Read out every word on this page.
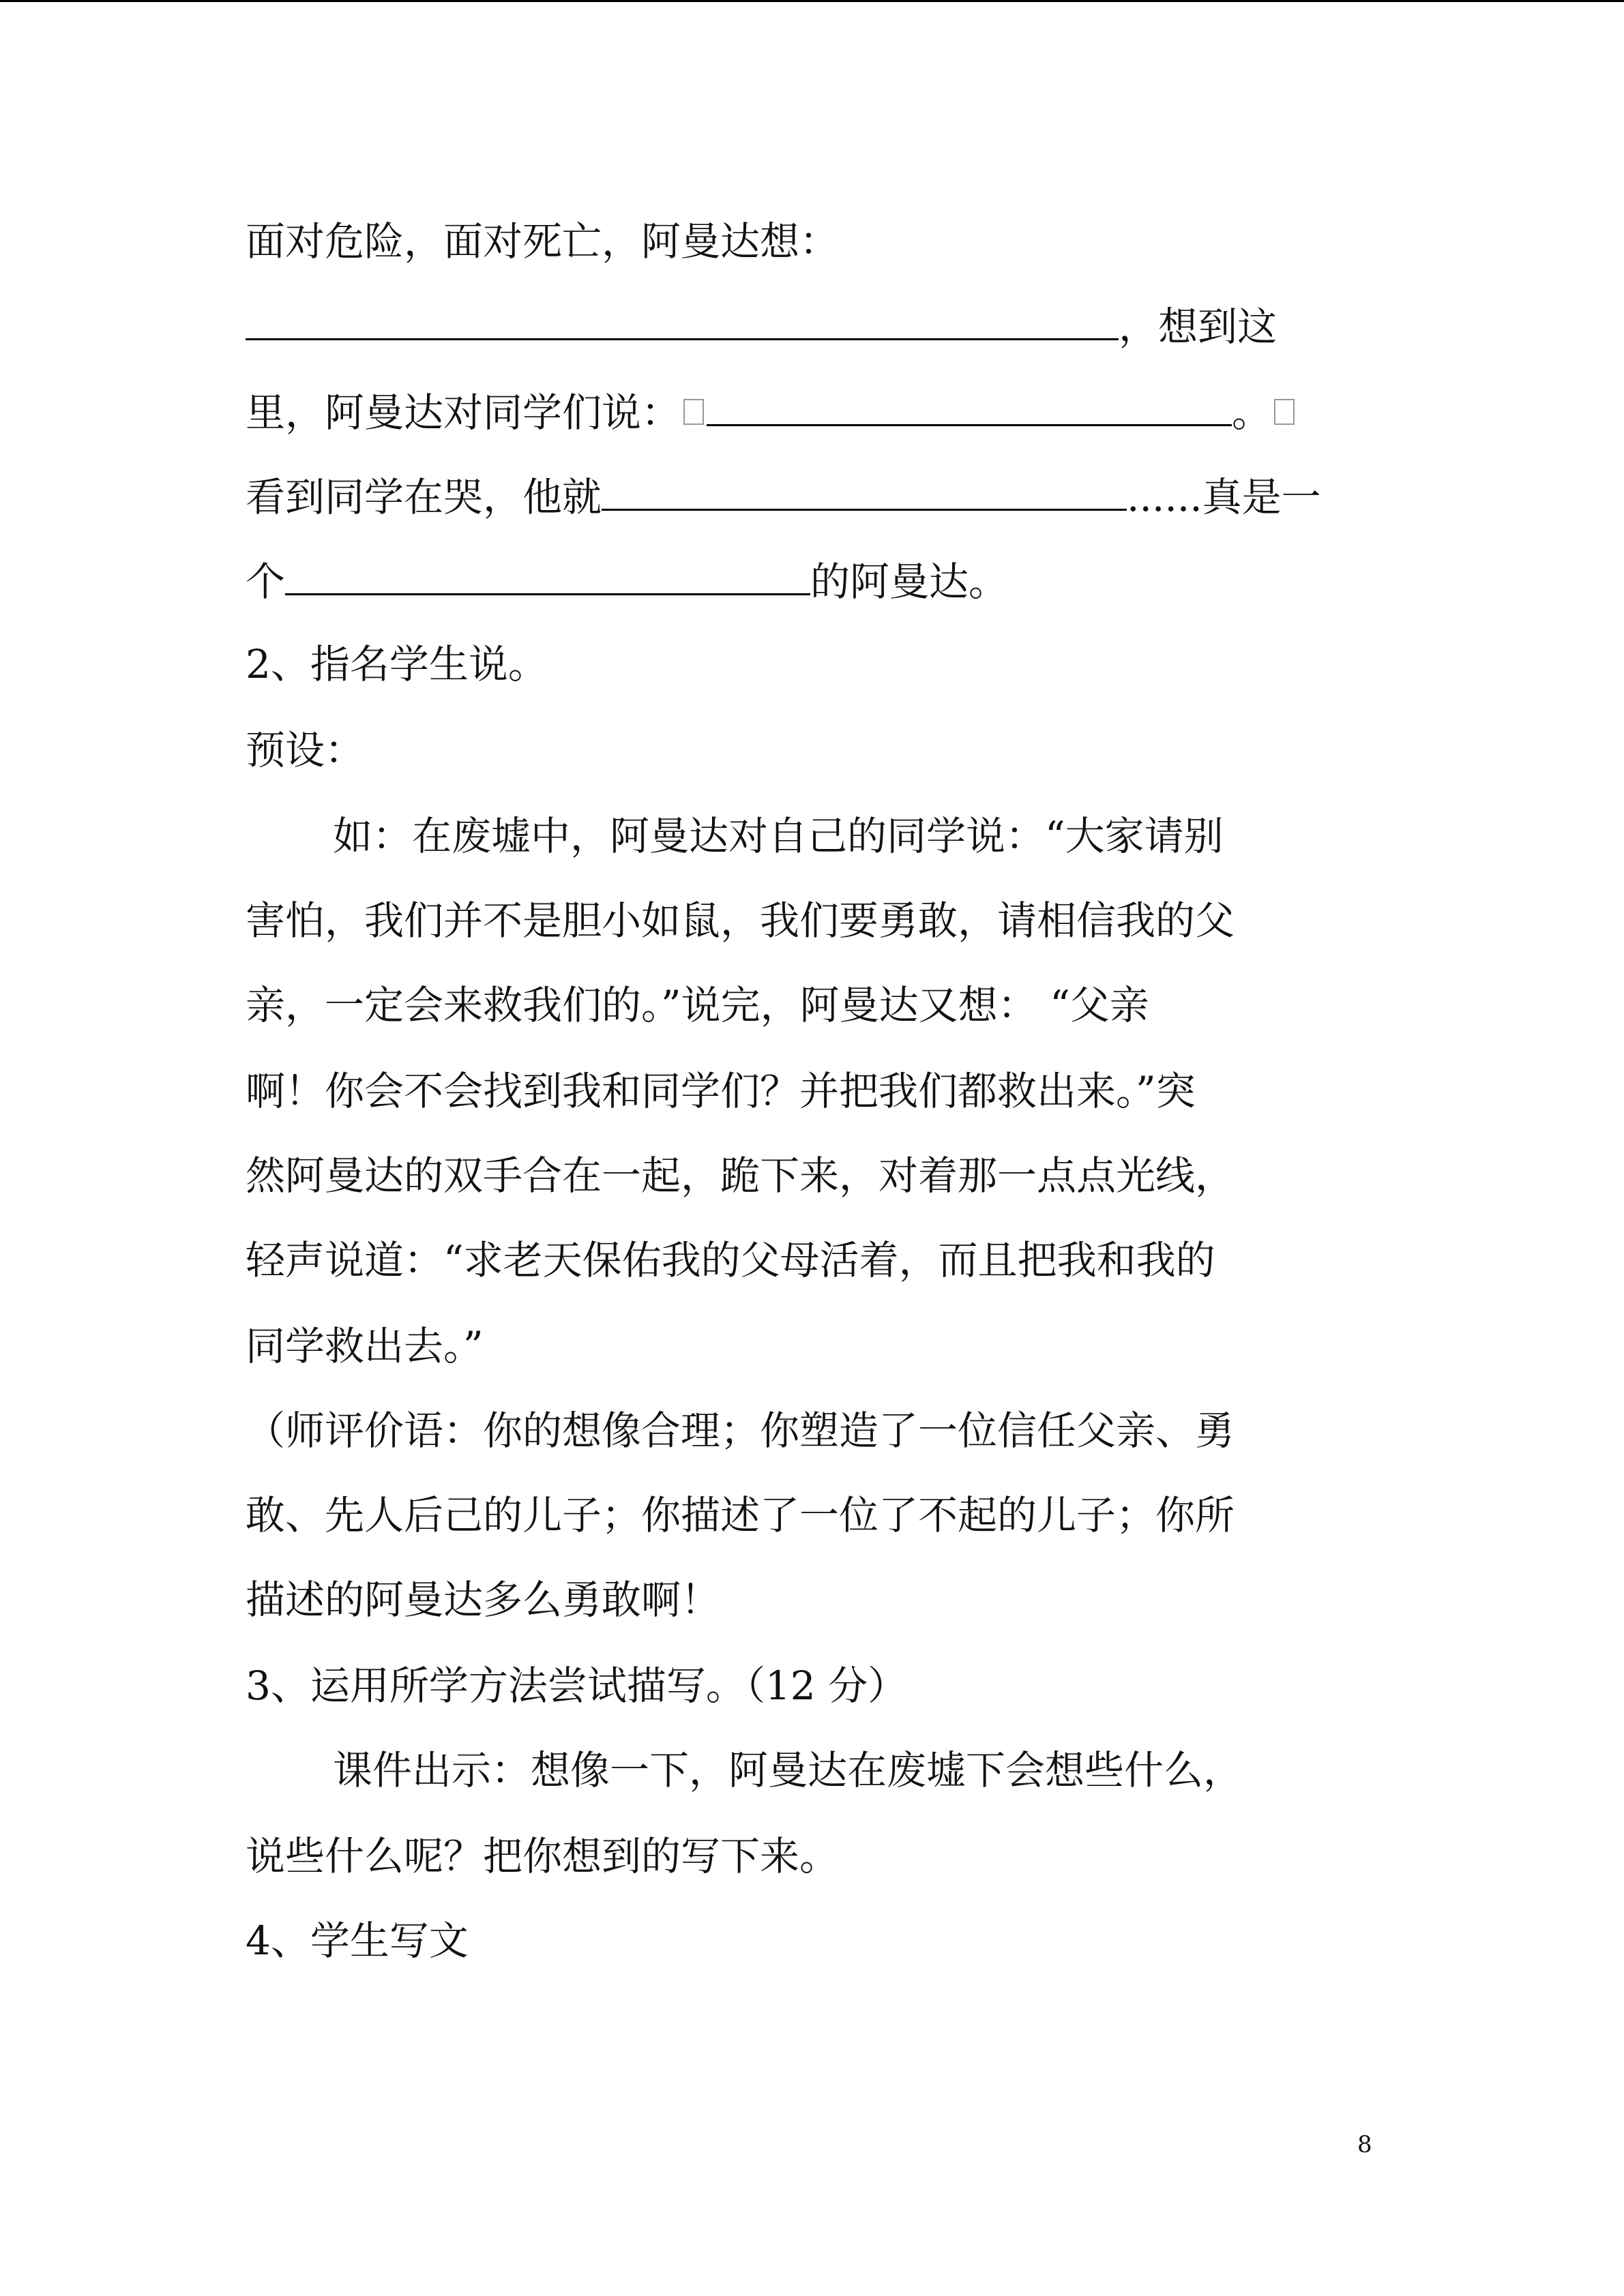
面对危险，面对死亡，阿曼达想：
，想到这
里，阿曼达对同学们说：	。
看到同学在哭，他就	......真是一
个	的阿曼达。
2、指名学生说。
预设：
如：在废墟中，阿曼达对自己的同学说：“大家请别
害怕，我们并不是胆小如鼠，我们要勇敢，请相信我的父
亲，一定会来救我们的。”说完，阿曼达又想： “父亲
啊！你会不会找到我和同学们？并把我们都救出来。”突
然阿曼达的双手合在一起，跪下来，对着那一点点光线，
轻声说道：“求老天保佑我的父母活着，而且把我和我的
同学救出去。”
（师评价语：你的想像合理；你塑造了一位信任父亲、勇
敢、先人后己的儿子；你描述了一位了不起的儿子；你所
描述的阿曼达多么勇敢啊！
3、运用所学方法尝试描写。（12 分）
课件出示：想像一下，阿曼达在废墟下会想些什么，
说些什么呢？把你想到的写下来。
4、学生写文
8
